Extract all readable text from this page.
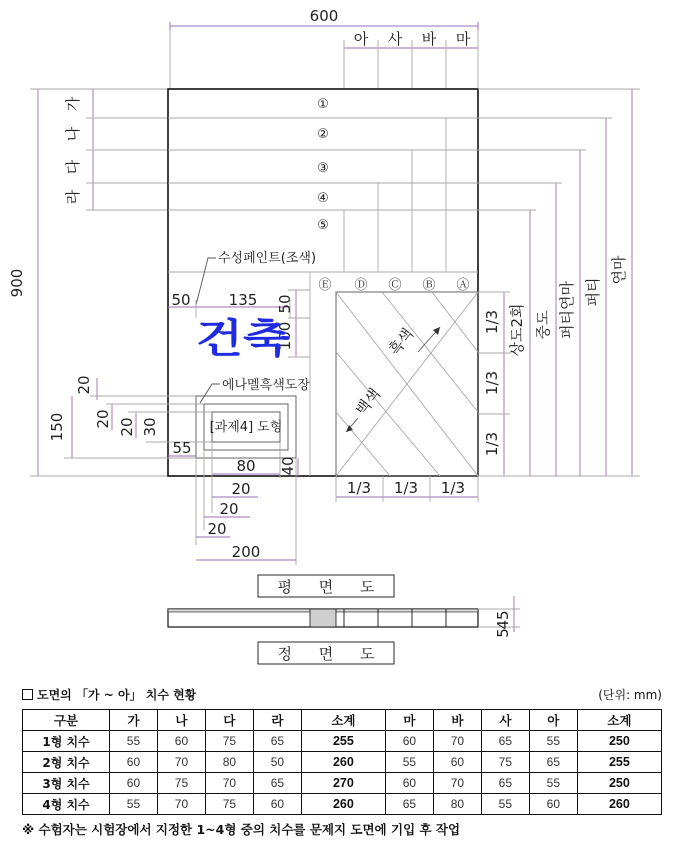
600
아 사 바 마
900
가
나
다
라
①
②
③
④
⑤
Ⓔ Ⓓ Ⓒ Ⓑ Ⓐ
수성페인트(조색)
50	135 50
100
건축
에나멜흑색도장
[과제4] 도형
20
150 20 20 30
55
80 40
20
20
20
200
흑색
백색
1/3
1/3
1/3
1/3 1/3 1/3
연마
퍼티
퍼티연마
중도
상도2회
평 면 도
45
5
정 면 도
도면의 「가 ~ 아」 치수 현황	(단위: mm)
구분	가	나	다	라	소계	마	바	사	아	소계
1형 치수	55	60	75	65	255	60	70	65	55	250
2형 치수	60	70	80	50	260	55	60	75	65	255
3형 치수	60	75	70	65	270	60	70	65	55	250
4형 치수	55	70	75	60	260	65	80	55	60	260
※ 수험자는 시험장에서 지정한 1~4형 중의 치수를 문제지 도면에 기입 후 작업
